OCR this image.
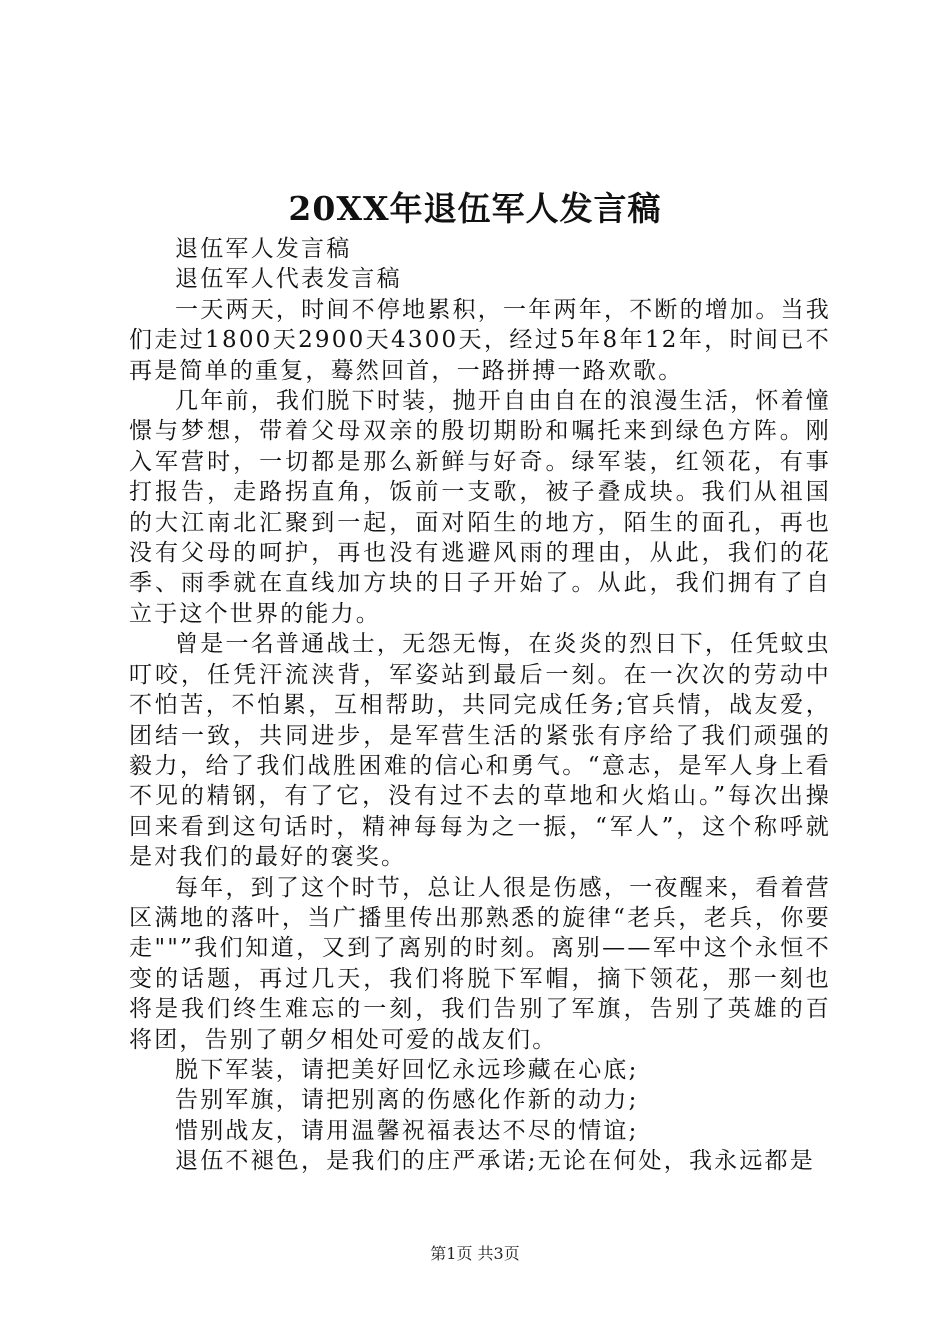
20XX年退伍军人发言稿

退伍军人发言稿

退伍军人代表发言稿

一天两天，时间不停地累积，一年两年，不断的增加。当我们走过1800天2900天4300天，经过5年8年12年，时间已不再是简单的重复，蓦然回首，一路拼搏一路欢歌。

几年前，我们脱下时装，抛开自由自在的浪漫生活，怀着憧憬与梦想，带着父母双亲的殷切期盼和嘱托来到绿色方阵。刚入军营时，一切都是那么新鲜与好奇。绿军装，红领花，有事打报告，走路拐直角，饭前一支歌，被子叠成块。我们从祖国的大江南北汇聚到一起，面对陌生的地方，陌生的面孔，再也没有父母的呵护，再也没有逃避风雨的理由，从此，我们的花季、雨季就在直线加方块的日子开始了。从此，我们拥有了自立于这个世界的能力。

曾是一名普通战士，无怨无悔，在炎炎的烈日下，任凭蚊虫叮咬，任凭汗流浃背，军姿站到最后一刻。在一次次的劳动中不怕苦，不怕累，互相帮助，共同完成任务;官兵情，战友爱，团结一致，共同进步，是军营生活的紧张有序给了我们顽强的毅力，给了我们战胜困难的信心和勇气。“意志，是军人身上看不见的精钢，有了它，没有过不去的草地和火焰山。”每次出操回来看到这句话时，精神每每为之一振，“军人”，这个称呼就是对我们的最好的褒奖。

每年，到了这个时节，总让人很是伤感，一夜醒来，看着营区满地的落叶，当广播里传出那熟悉的旋律“老兵，老兵，你要走""”我们知道，又到了离别的时刻。离别——军中这个永恒不变的话题，再过几天，我们将脱下军帽，摘下领花，那一刻也将是我们终生难忘的一刻，我们告别了军旗，告别了英雄的百将团，告别了朝夕相处可爱的战友们。

脱下军装，请把美好回忆永远珍藏在心底;

告别军旗，请把别离的伤感化作新的动力;

惜别战友，请用温馨祝福表达不尽的情谊;

退伍不褪色，是我们的庄严承诺;无论在何处，我永远都是

第1页 共3页
